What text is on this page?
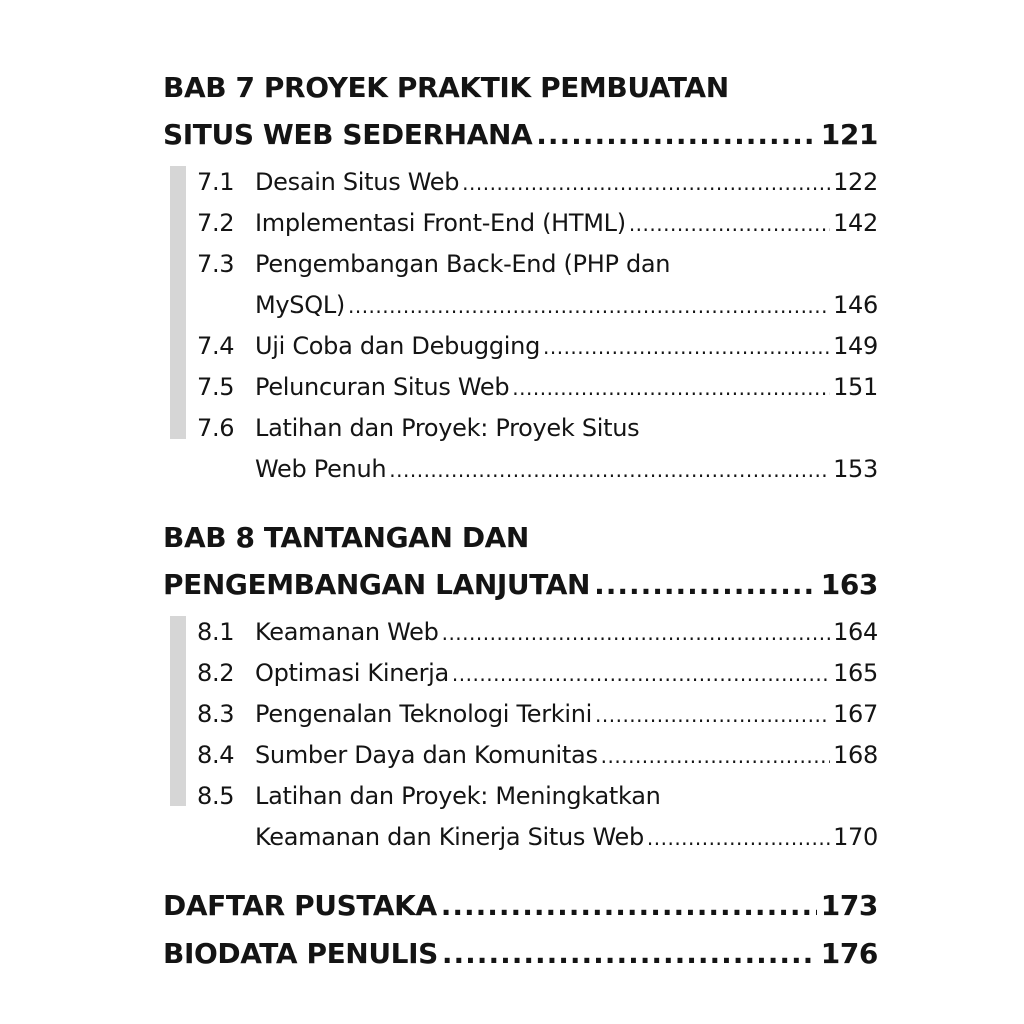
BAB 7 PROYEK PRAKTIK PEMBUATAN
SITUS WEB SEDERHANA .....	121
7.1 Desain Situs Web .....	122
7.2 Implementasi Front-End (HTML) .....	142
7.3 Pengembangan Back-End (PHP dan
MySQL) .....	146
7.4 Uji Coba dan Debugging .....	149
7.5 Peluncuran Situs Web .....	151
7.6 Latihan dan Proyek: Proyek Situs
Web Penuh .....	153
BAB 8 TANTANGAN DAN
PENGEMBANGAN LANJUTAN .....	163
8.1 Keamanan Web .....	164
8.2 Optimasi Kinerja .....	165
8.3 Pengenalan Teknologi Terkini .....	167
8.4 Sumber Daya dan Komunitas .....	168
8.5 Latihan dan Proyek: Meningkatkan
Keamanan dan Kinerja Situs Web .....	170
DAFTAR PUSTAKA .....	173
BIODATA PENULIS .....	176
